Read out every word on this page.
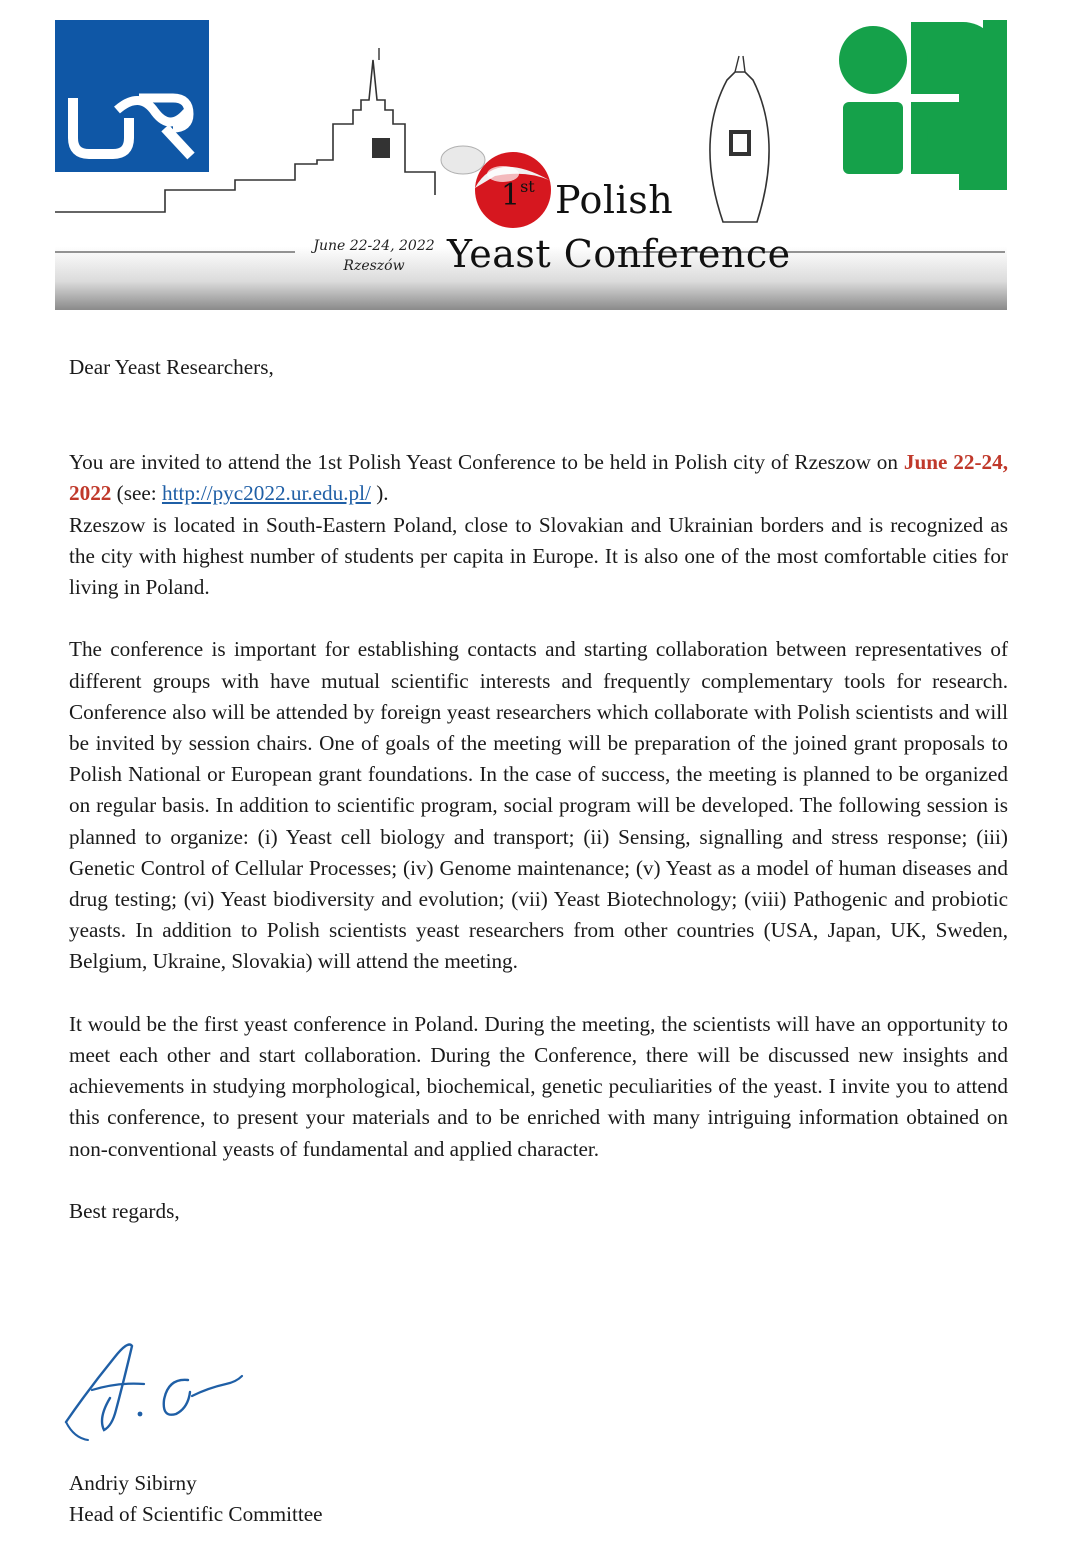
1st Polish
Yeast Conference
June 22-24, 2022
Rzeszów

Dear Yeast Researchers,

You are invited to attend the 1st Polish Yeast Conference to be held in Polish city of Rzeszow on June 22-24, 2022 (see: http://pyc2022.ur.edu.pl/ ).

Rzeszow is located in South-Eastern Poland, close to Slovakian and Ukrainian borders and is recognized as the city with highest number of students per capita in Europe. It is also one of the most comfortable cities for living in Poland.

The conference is important for establishing contacts and starting collaboration between representatives of different groups with have mutual scientific interests and frequently complementary tools for research. Conference also will be attended by foreign yeast researchers which collaborate with Polish scientists and will be invited by session chairs. One of goals of the meeting will be preparation of the joined grant proposals to Polish National or European grant foundations. In the case of success, the meeting is planned to be organized on regular basis. In addition to scientific program, social program will be developed. The following session is planned to organize: (i) Yeast cell biology and transport; (ii) Sensing, signalling and stress response; (iii) Genetic Control of Cellular Processes; (iv) Genome maintenance; (v) Yeast as a model of human diseases and drug testing; (vi) Yeast biodiversity and evolution; (vii) Yeast Biotechnology; (viii) Pathogenic and probiotic yeasts. In addition to Polish scientists yeast researchers from other countries (USA, Japan, UK, Sweden, Belgium, Ukraine, Slovakia) will attend the meeting.

It would be the first yeast conference in Poland. During the meeting, the scientists will have an opportunity to meet each other and start collaboration. During the Conference, there will be discussed new insights and achievements in studying morphological, biochemical, genetic peculiarities of the yeast. I invite you to attend this conference, to present your materials and to be enriched with many intriguing information obtained on non-conventional yeasts of fundamental and applied character.

Best regards,

Andriy Sibirny
Head of Scientific Committee
